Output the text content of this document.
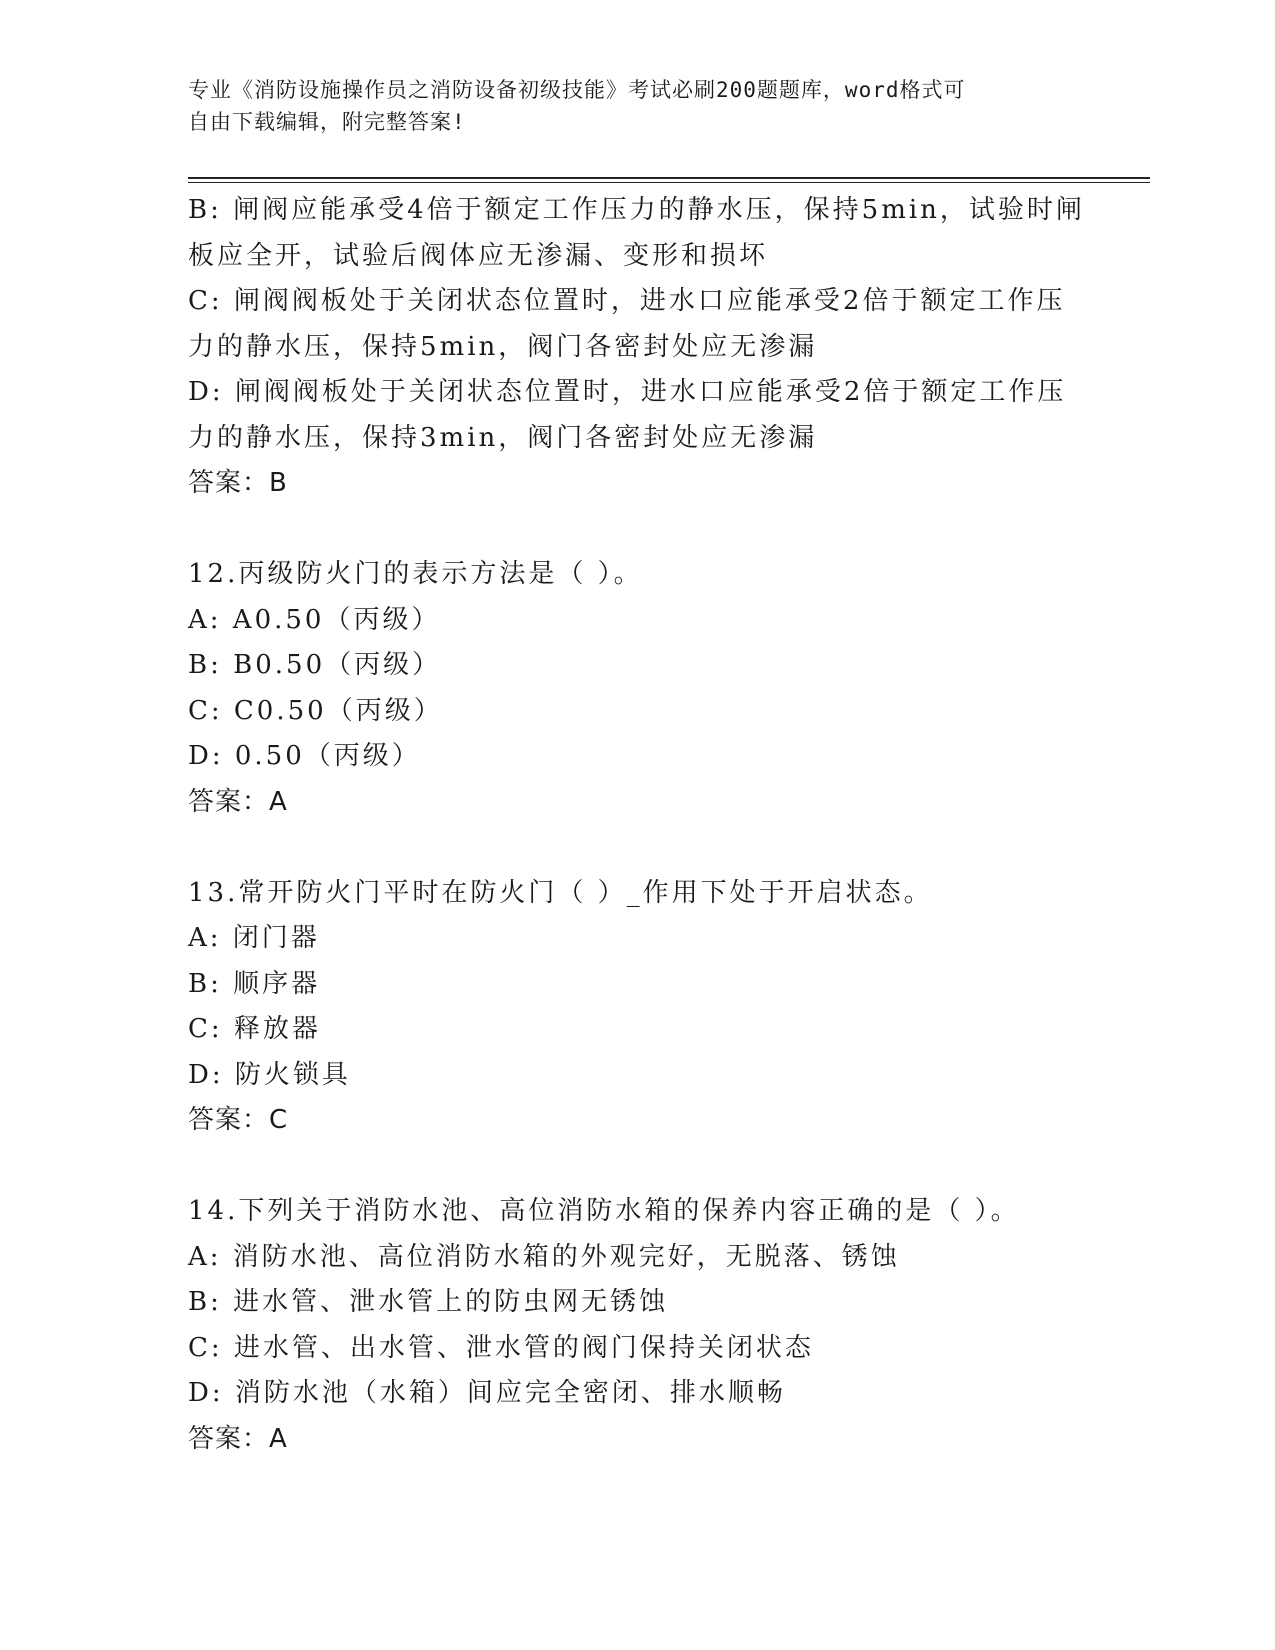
专业《消防设施操作员之消防设备初级技能》考试必刷200题题库，word格式可
自由下载编辑，附完整答案!
B: 闸阀应能承受4倍于额定工作压力的静水压，保持5min，试验时闸
板应全开，试验后阀体应无渗漏、变形和损坏
C: 闸阀阀板处于关闭状态位置时，进水口应能承受2倍于额定工作压
力的静水压，保持5min，阀门各密封处应无渗漏
D: 闸阀阀板处于关闭状态位置时，进水口应能承受2倍于额定工作压
力的静水压，保持3min，阀门各密封处应无渗漏
答案：B
12.丙级防火门的表示方法是（ ）。
A: A0.50（丙级）
B: B0.50（丙级）
C: C0.50（丙级）
D: 0.50（丙级）
答案：A
13.常开防火门平时在防火门（ ）_作用下处于开启状态。
A: 闭门器
B: 顺序器
C: 释放器
D: 防火锁具
答案：C
14.下列关于消防水池、高位消防水箱的保养内容正确的是（ ）。
A: 消防水池、高位消防水箱的外观完好，无脱落、锈蚀
B: 进水管、泄水管上的防虫网无锈蚀
C: 进水管、出水管、泄水管的阀门保持关闭状态
D: 消防水池（水箱）间应完全密闭、排水顺畅
答案：A
